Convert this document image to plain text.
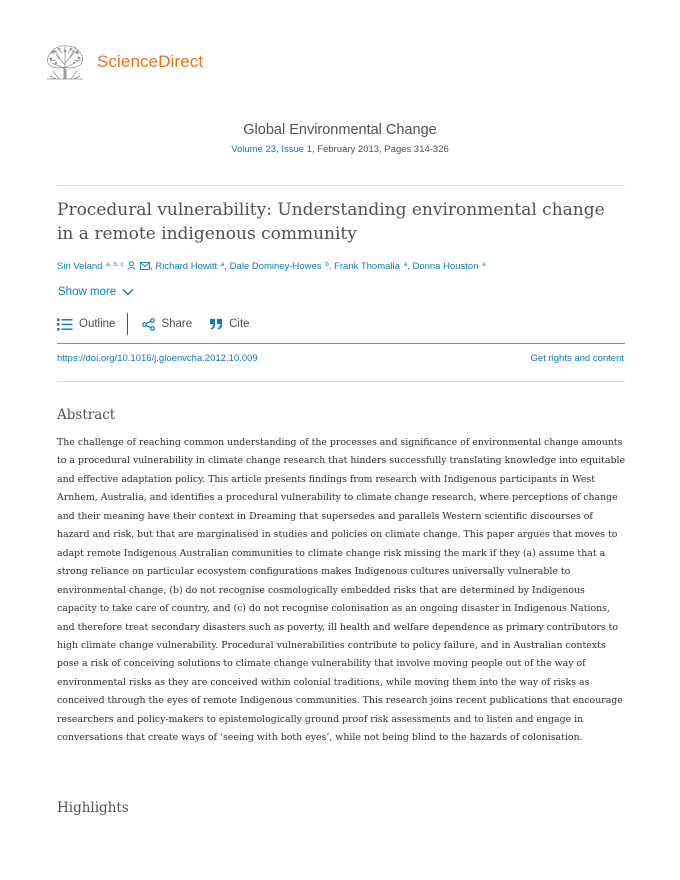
ScienceDirect
Global Environmental Change
Volume 23, Issue 1, February 2013, Pages 314-326
Procedural vulnerability: Understanding environmental change in a remote indigenous community
Siri Veland $^{a, b, c}$	, Richard Howitt $^a$, Dale Dominey-Howes $^b$, Frank Thomalla $^a$, Donna Houston $^a$
Show more
Outline	Share	Cite
https://doi.org/10.1016/j.gloenvcha.2012.10.009	Get rights and content
Abstract
The challenge of reaching common understanding of the processes and significance of environmental change amounts to a procedural vulnerability in climate change research that hinders successfully translating knowledge into equitable and effective adaptation policy. This article presents findings from research with Indigenous participants in West Arnhem, Australia, and identifies a procedural vulnerability to climate change research, where perceptions of change and their meaning have their context in Dreaming that supersedes and parallels Western scientific discourses of hazard and risk, but that are marginalised in studies and policies on climate change. This paper argues that moves to adapt remote Indigenous Australian communities to climate change risk missing the mark if they (a) assume that a strong reliance on particular ecosystem configurations makes Indigenous cultures universally vulnerable to environmental change, (b) do not recognise cosmologically embedded risks that are determined by Indigenous capacity to take care of country, and (c) do not recognise colonisation as an ongoing disaster in Indigenous Nations, and therefore treat secondary disasters such as poverty, ill health and welfare dependence as primary contributors to high climate change vulnerability. Procedural vulnerabilities contribute to policy failure, and in Australian contexts pose a risk of conceiving solutions to climate change vulnerability that involve moving people out of the way of environmental risks as they are conceived within colonial traditions, while moving them into the way of risks as conceived through the eyes of remote Indigenous communities. This research joins recent publications that encourage researchers and policy-makers to epistemologically ground proof risk assessments and to listen and engage in conversations that create ways of ‘seeing with both eyes’, while not being blind to the hazards of colonisation.
Highlights
